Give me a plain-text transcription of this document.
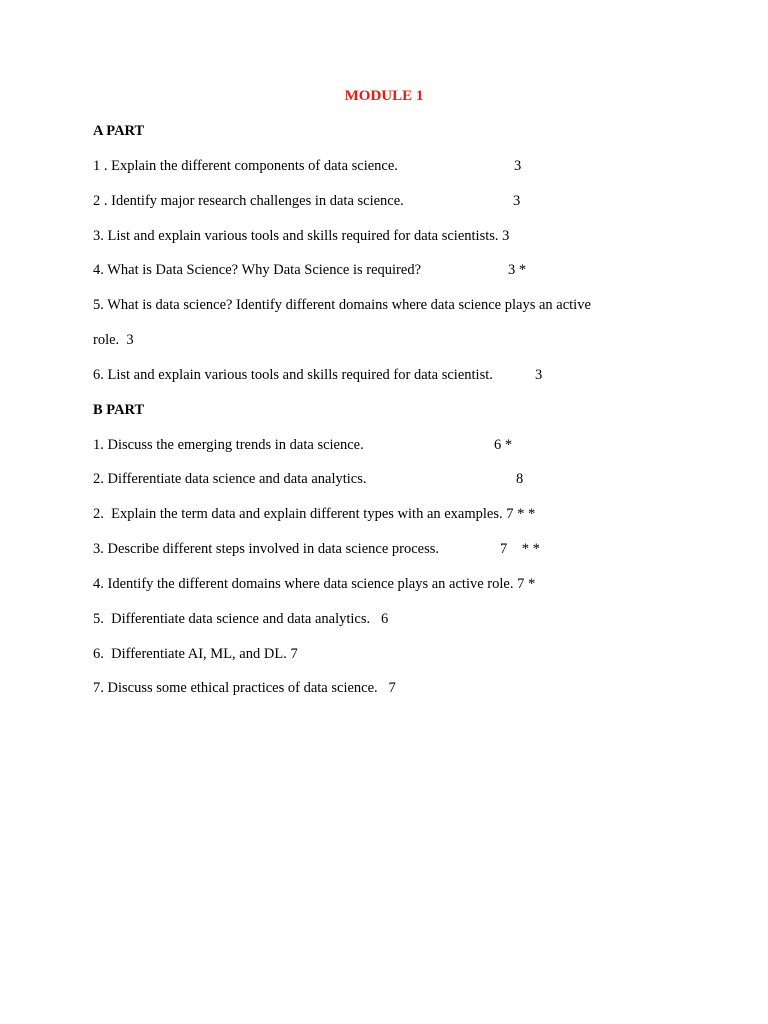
MODULE 1
A PART
1 . Explain the different components of data science.	3
2 . Identify major research challenges in data science.	3
3. List and explain various tools and skills required for data scientists. 3
4. What is Data Science? Why Data Science is required?	3 *
5. What is data science? Identify different domains where data science plays an active
role.  3
6. List and explain various tools and skills required for data scientist.	3
B PART
1. Discuss the emerging trends in data science.	6 *
2. Differentiate data science and data analytics.	8
2.  Explain the term data and explain different types with an examples. 7 * *
3. Describe different steps involved in data science process.	7    * *
4. Identify the different domains where data science plays an active role. 7 *
5.  Differentiate data science and data analytics.   6
6.  Differentiate AI, ML, and DL. 7
7. Discuss some ethical practices of data science.   7
